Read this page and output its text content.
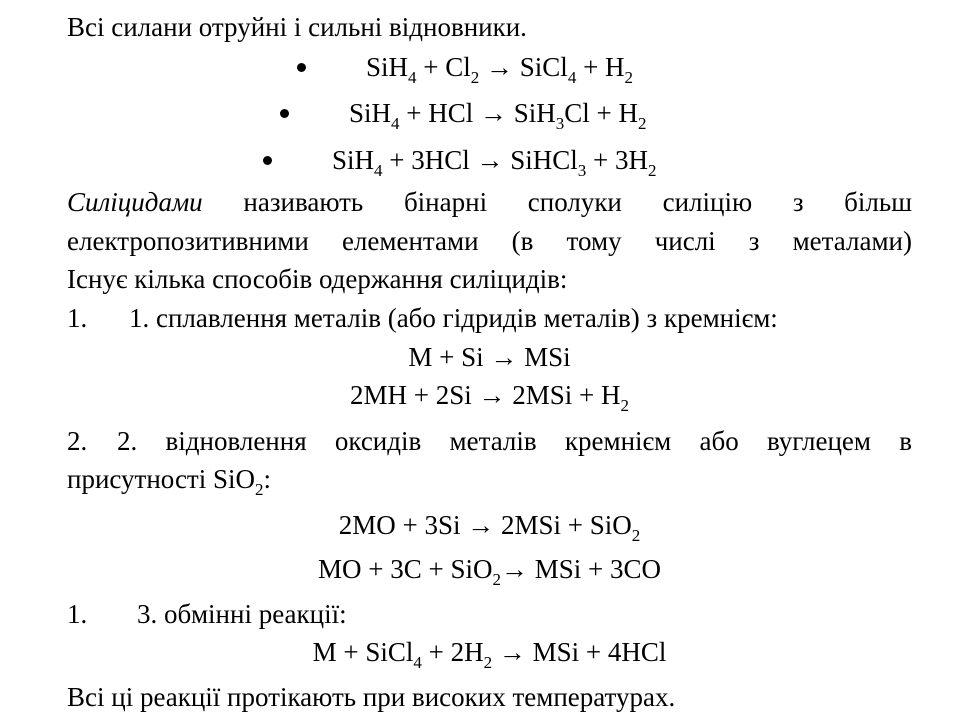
Всі силани отруйні і сильні відновники.
$SiH_4 + Cl_2$ → SiCl$_4$ + $H_2$
SiH$_4$ + HCl → $SiH_3Cl + H_2$
SiH$_4$ + 3HCl → SiHCl$_3$ + $3H_2$
Силіцидами називають бінарні сполуки силіцію з більш
електропозитивними елементами (в тому числі з металами)
Існує кілька способів одержання силіцидів:
1. 1. сплавлення металів (або гідридів металів) з кремнієм:
M + Si → MSi
$2MH + 2Si \to 2MSi + H_2$
2. 2. відновлення оксидів металів кремнієм або вуглецем в
присутності SiO$_2$:
2MO + 3Si → 2MSi + SiO$_2$
MO + 3C + SiO$_2$→ MSi + 3CO
1. 3. обмінні реакції:
M + SiCl$_4$ + $2H_2$ → MSi + 4HCl
Всі ці реакції протікають при високих температурах.
